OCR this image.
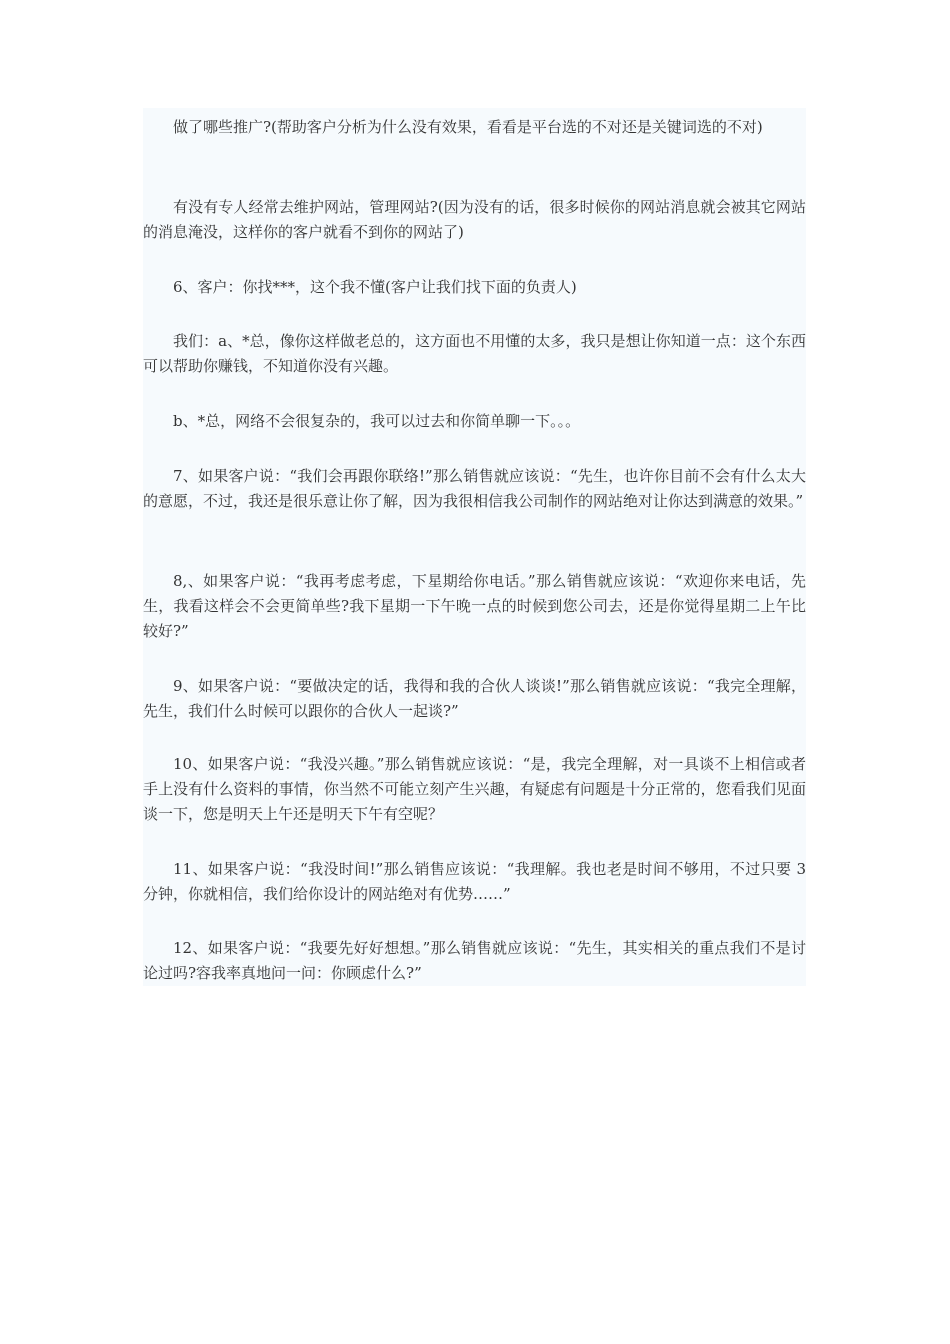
做了哪些推广?(帮助客户分析为什么没有效果，看看是平台选的不对还是关键词选的不对)

有没有专人经常去维护网站，管理网站?(因为没有的话，很多时候你的网站消息就会被其它网站的消息淹没，这样你的客户就看不到你的网站了)

6、客户：你找***，这个我不懂(客户让我们找下面的负责人)

我们：a、*总，像你这样做老总的，这方面也不用懂的太多，我只是想让你知道一点：这个东西可以帮助你赚钱，不知道你没有兴趣。

b、*总，网络不会很复杂的，我可以过去和你简单聊一下。。。

7、如果客户说：“我们会再跟你联络!”那么销售就应该说：“先生，也许你目前不会有什么太大的意愿，不过，我还是很乐意让你了解，因为我很相信我公司制作的网站绝对让你达到满意的效果。”

8,、如果客户说：“我再考虑考虑，下星期给你电话。”那么销售就应该说：“欢迎你来电话，先生，我看这样会不会更简单些?我下星期一下午晚一点的时候到您公司去，还是你觉得星期二上午比较好?”

9、如果客户说：“要做决定的话，我得和我的合伙人谈谈!”那么销售就应该说：“我完全理解，先生，我们什么时候可以跟你的合伙人一起谈?”

10、如果客户说：“我没兴趣。”那么销售就应该说：“是，我完全理解，对一具谈不上相信或者手上没有什么资料的事情，你当然不可能立刻产生兴趣，有疑虑有问题是十分正常的，您看我们见面谈一下，您是明天上午还是明天下午有空呢？

11、如果客户说：“我没时间!”那么销售应该说：“我理解。我也老是时间不够用，不过只要 3 分钟，你就相信，我们给你设计的网站绝对有优势……”

12、如果客户说：“我要先好好想想。”那么销售就应该说：“先生，其实相关的重点我们不是讨论过吗?容我率真地问一问：你顾虑什么?”
